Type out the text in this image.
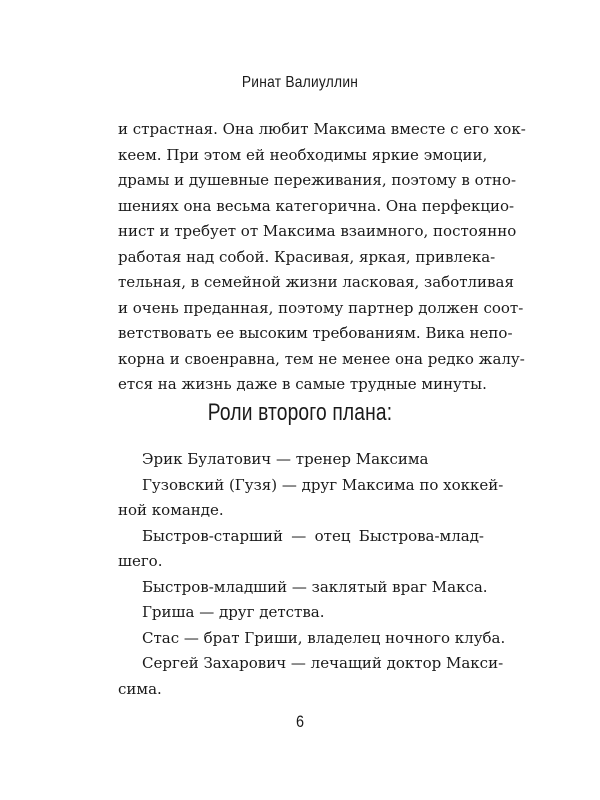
Ринат Валиуллин
и страстная. Она любит Максима вместе с его хок-
кеем. При этом ей необходимы яркие эмоции,
драмы и душевные переживания, поэтому в отно-
шениях она весьма категорична. Она перфекцио-
нист и требует от Максима взаимного, постоянно
работая над собой. Красивая, яркая, привлека-
тельная, в семейной жизни ласковая, заботливая
и очень преданная, поэтому партнер должен соот-
ветствовать ее высоким требованиям. Вика непо-
корна и своенравна, тем не менее она редко жалу-
ется на жизнь даже в самые трудные минуты.
Роли второго плана:
Эрик Булатович — тренер Максима
Гузовский (Гузя) — друг Максима по хоккей-
ной команде.
Быстров-старший — отец Быстрова-млад-
шего.
Быстров-младший — заклятый враг Макса.
Гриша — друг детства.
Стас — брат Гриши, владелец ночного клуба.
Сергей Захарович — лечащий доктор Макси-
сима.
6
